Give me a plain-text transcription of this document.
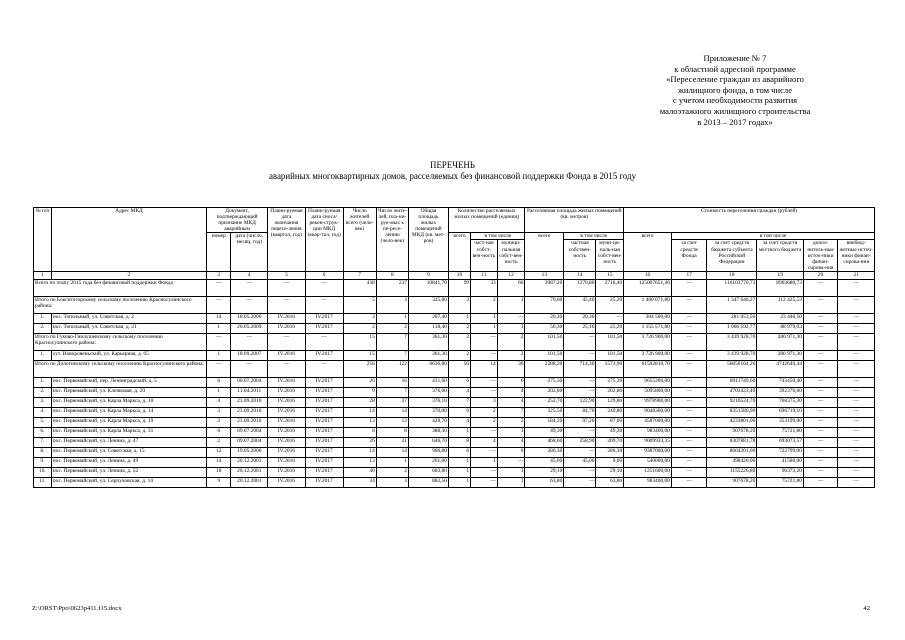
Приложение № 7
к областной адресной программе
«Переселение граждан из аварийного
жилищного фонда, в том числе
с учетом необходимости развития
малоэтажного жилищного строительства
в 2013 – 2017 годах»
ПЕРЕЧЕНЬ
аварийных многоквартирных домов, расселяемых без финансовой поддержки Фонда в 2015 году
№ п/п	Адрес МКД	Документ, подтверждающий признание МКД аварийным		Плани-руемая дата окончания пересе-ления (квартал, год)	Плани-руемая дата сноса/ рекон-струк-ции МКД (квар-тал, год)	Число жителей всего (чело-век)	Число жите-лей, пла-ни-руе-мых к пе-ресе-лению (чело-век)	Общая площадь жилых помещений МКД (кв. мет-ров)	Количество расселяемых жилых помещений (единиц)			Расселяемая площадь жилых помещений (кв. метров)			Стоимость переселения граждан (рублей)					
		номер	дата (число, месяц, год)						всего	в том числе		всего	в том числе		всего	в том числе				
										част-ная собст-вен-ность	муници-пальная собст-вен-ность		частная собствен-ность	муни-ци-паль-ная собст-вен-ность		за счет средств Фонда	за счет средств бюджета субъекта Российской Федерации	за счет средств местного бюджета	допол-нитель-ные источ-ники финан-сирова-ния	внебюд-жетные источ-ники финан-сирова-ния
1	2	3	4	5	6	7	8	9	10	11	12	13	14	15	16	17	18	19	20	21
Всего по этапу 2015 года без финансовой поддержки Фонда		—	—	—	—	438	237	10841,70	99	33	66	3987,20	1270,80	2716,40	125007651,46	—	116103770,73	8903680,73	—	—
Итого по Бокситогорскому сельскому поселению Красносулинского района:		—	—	—	—	5	3	325,80	3	2	1	70,60	45,40	25,20	1 460 071,80	—	1 347 646,27	112 425,53	—	—
1.	пос. Топольный, ул. Советская, д. 2	14	18.05.2006	IV.2016	IV.2017	3	1	207,40	1	1	—	20,30	20,30	—	304 500,00	—	281 053,50	23 446,50	—	—
2.	пос. Топольный, ул. Советская, д. 21	1	26.05.2009	IV.2016	IV.2017	2	2	118,40	2	1	1	50,30	25,10	25,20	1 155 571,80	—	1 066 592,77	88 979,03	—	—
Итого по Гуково-Гнилушевскому сельскому поселению Красносулинского района:		—	—	—	—	15	7	361,30	2	—	2	101,50	—	101,50	3 726 900,00	—	3 439 928,70	286 971,30	—	—
1.	хут. Новоровеньский, ул. Карьерная, д. 65	1	18.09.2007	IV.2016	IV.2017	15	7	361,30	2	—	2	101,50	—	101,50	3 726 900,00	—	3 439 928,70	286 971,30	—	—
Итого по Долотинскому сельскому поселению Красносулинского района:		—	—	—	—	256	122	6636,80	50	14	36	2288,20	714,30	1573,90	61592810,70	—	56850164,26	4742646,44	—	—
1.	пос. Первомайский, пер. Ленинградский, д. 5	6	06.07.2004	IV.2016	IV.2017	26	16	431,60	6	—	6	275,30	—	275,30	9655200,00	—	8911749,60	743450,40	—	—
2.	пос. Первомайский, ул. Клочковая, д. 20	1	11.04.2011	IV.2016	IV.2017	9	7	376,00	4	—	4	202,80	—	202,80	5095800,00	—	4703423,40	392376,60	—	—
3.	пос. Первомайский, ул. Карла Маркса, д. 10	4	23.09.2010	IV.2016	IV.2017	28	27	376,10	7	3	4	252,70	122,90	129,80	9978900,00	—	9210524,70	768375,30	—	—
4.	пос. Первомайский, ул. Карла Маркса, д. 14	3	23.09.2010	IV.2016	IV.2017	14	14	370,00	9	2	7	325,50	84,70	240,80	9048300,00	—	8351580,90	696719,10	—	—
5.	пос. Первомайский, ул. Карла Маркса, д. 19	2	23.09.2010	IV.2016	IV.2017	13	12	428,70	4	2	2	184,20	97,20	87,00	4587000,00	—	4233801,00	353199,00	—	—
6.	пос. Первомайский, ул. Карла Маркса, д. 31	6	09.07.2004	IV.2016	IV.2017	8	8	388,30	1	—	1	49,30	—	49,30	983400,00	—	907678,20	75721,80	—	—
7.	пос. Первомайский, ул. Ленина, д. 47	2	09.07.2004	IV.2016	IV.2017	26	21	646,70	8	4	4	468,60	258,90	209,70	9009933,35	—	8307881,78	693073,57	—	—
8.	пос. Первомайский, ул. Советская, д. 15	12	19.05.2006	IV.2016	IV.2017	14	14	906,80	6	—	6	286,30	—	286,30	9387000,00	—	8664201,00	722799,00	—	—
9.	пос. Первомайский, ул. Ленина, д. 49	14	20.12.2001	IV.2016	IV.2017	13	1	261,00	1	1	—	45,00	45,00	0,00	540000,00	—	498420,00	41580,00	—	—
10.	пос. Первомайский, ул. Ленина, д. 52	18	20.12.2001	IV.2016	IV.2017	40	2	603,80	1	—	1	29,10	—	29,10	1251600,00	—	1155226,80	96373,20	—	—
11.	пос. Первомайский, ул. Серпуховская, д. 14	9	20.12.2001	IV.2016	IV.2017	34	3	882,50	1	—	1	63,80	—	63,80	983400,00	—	907678,20	75721,80	—	—
Z:\ORST\Ppo\0623p411.f15.docx	42
